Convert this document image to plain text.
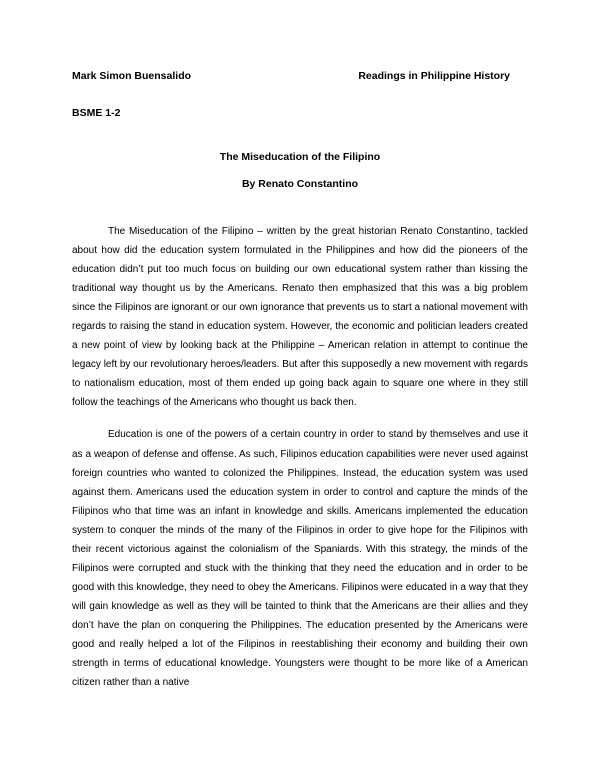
Mark Simon Buensalido	Readings in Philippine History
BSME 1-2
The Miseducation of the Filipino
By Renato Constantino

The Miseducation of the Filipino – written by the great historian Renato Constantino, tackled about how did the education system formulated in the Philippines and how did the pioneers of the education didn’t put too much focus on building our own educational system rather than kissing the traditional way thought us by the Americans. Renato then emphasized that this was a big problem since the Filipinos are ignorant or our own ignorance that prevents us to start a national movement with regards to raising the stand in education system. However, the economic and politician leaders created a new point of view by looking back at the Philippine – American relation in attempt to continue the legacy left by our revolutionary heroes/leaders. But after this supposedly a new movement with regards to nationalism education, most of them ended up going back again to square one where in they still follow the teachings of the Americans who thought us back then.

Education is one of the powers of a certain country in order to stand by themselves and use it as a weapon of defense and offense. As such, Filipinos education capabilities were never used against foreign countries who wanted to colonized the Philippines. Instead, the education system was used against them. Americans used the education system in order to control and capture the minds of the Filipinos who that time was an infant in knowledge and skills. Americans implemented the education system to conquer the minds of the many of the Filipinos in order to give hope for the Filipinos with their recent victorious against the colonialism of the Spaniards. With this strategy, the minds of the Filipinos were corrupted and stuck with the thinking that they need the education and in order to be good with this knowledge, they need to obey the Americans. Filipinos were educated in a way that they will gain knowledge as well as they will be tainted to think that the Americans are their allies and they don’t have the plan on conquering the Philippines. The education presented by the Americans were good and really helped a lot of the Filipinos in reestablishing their economy and building their own strength in terms of educational knowledge. Youngsters were thought to be more like of a American citizen rather than a native
